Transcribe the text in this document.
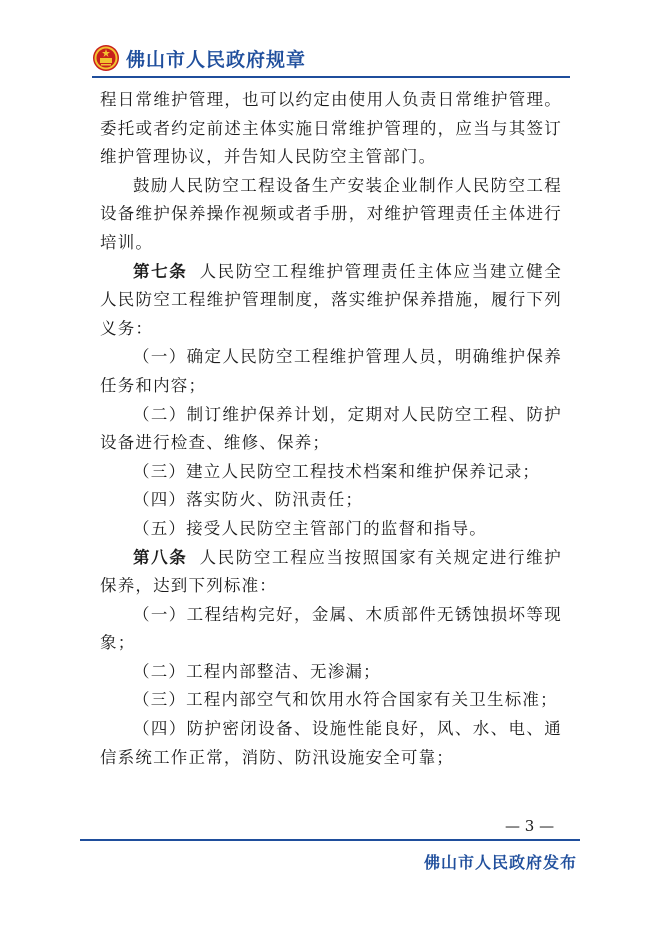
佛山市人民政府规章

程日常维护管理，也可以约定由使用人负责日常维护管理。委托或者约定前述主体实施日常维护管理的，应当与其签订维护管理协议，并告知人民防空主管部门。

鼓励人民防空工程设备生产安装企业制作人民防空工程设备维护保养操作视频或者手册，对维护管理责任主体进行培训。

第七条 人民防空工程维护管理责任主体应当建立健全人民防空工程维护管理制度，落实维护保养措施，履行下列义务：

（一）确定人民防空工程维护管理人员，明确维护保养任务和内容；

（二）制订维护保养计划，定期对人民防空工程、防护设备进行检查、维修、保养；

（三）建立人民防空工程技术档案和维护保养记录；

（四）落实防火、防汛责任；

（五）接受人民防空主管部门的监督和指导。

第八条 人民防空工程应当按照国家有关规定进行维护保养，达到下列标准：

（一）工程结构完好，金属、木质部件无锈蚀损坏等现象；

（二）工程内部整洁、无渗漏；

（三）工程内部空气和饮用水符合国家有关卫生标准；

（四）防护密闭设备、设施性能良好，风、水、电、通信系统工作正常，消防、防汛设施安全可靠；

— 3 —
佛山市人民政府发布
